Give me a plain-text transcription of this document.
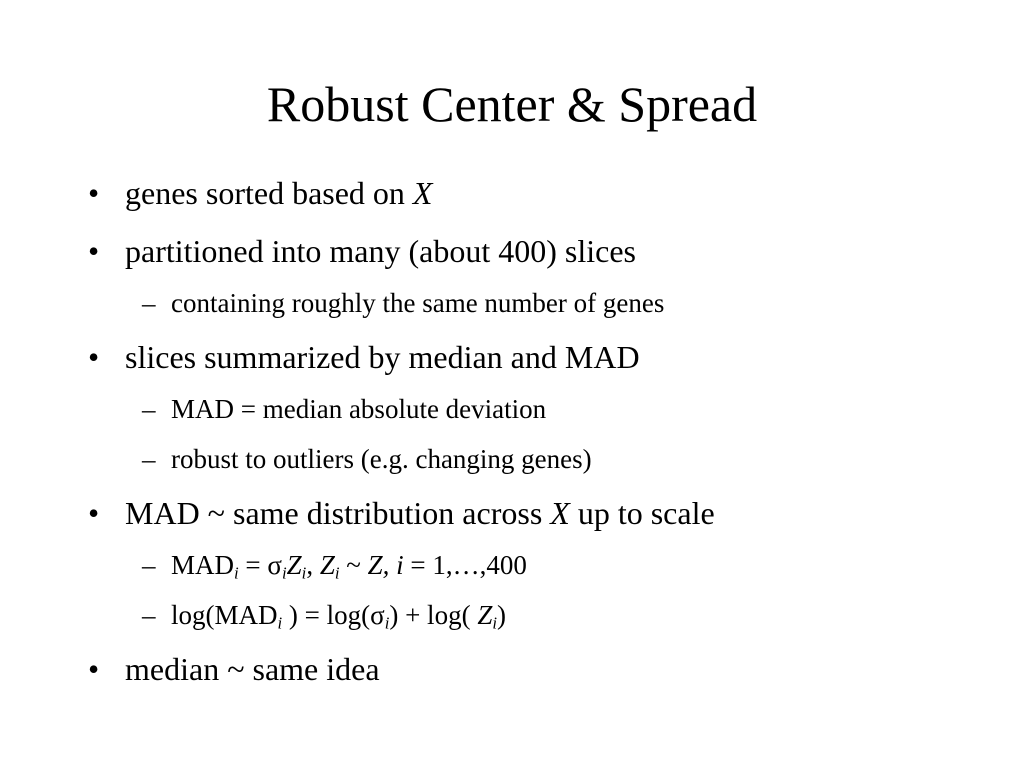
Robust Center & Spread
• genes sorted based on X
• partitioned into many (about 400) slices
– containing roughly the same number of genes
• slices summarized by median and MAD
– MAD = median absolute deviation
– robust to outliers (e.g. changing genes)
• MAD ~ same distribution across X up to scale
– $MAD_i = \sigma_iZ_i$, $Z_i$ ~ Z, i = 1,…,400
– $\log(MAD_i$ ) = $\log(\sigma_i) + \log$( $Z_i$)
• median ~ same idea
